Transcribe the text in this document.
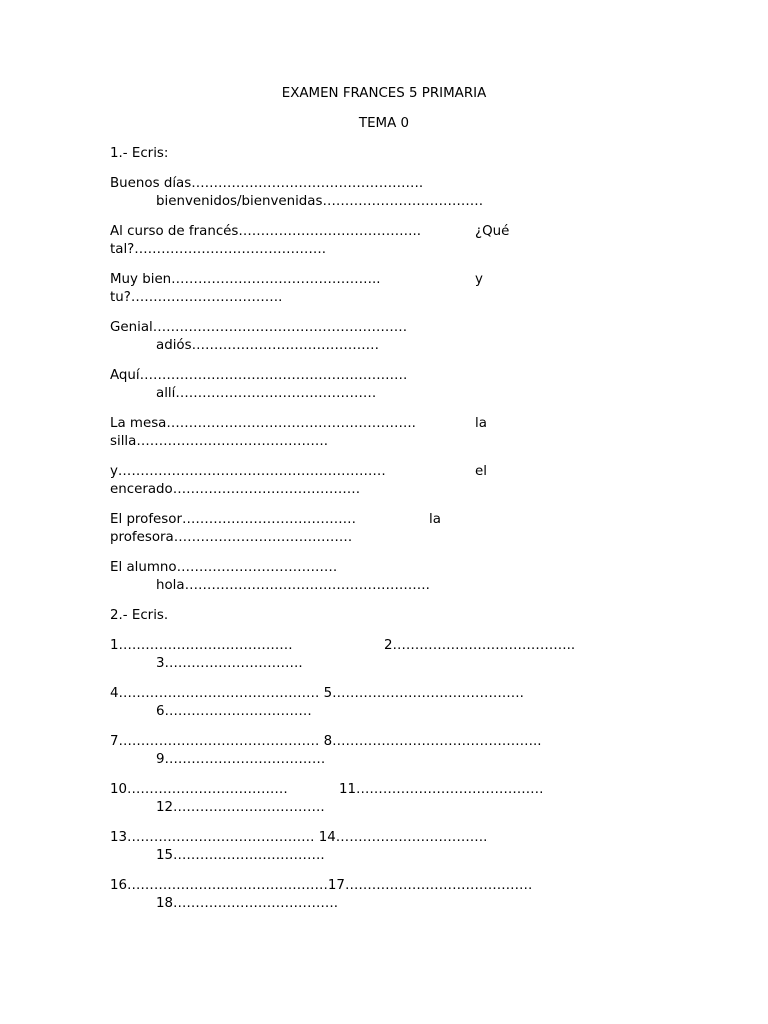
EXAMEN FRANCES 5 PRIMARIA
TEMA 0
1.- Ecris:
Buenos días…………………………………………….
bienvenidos/bienvenidas………………………………
Al curso de francés…………………………………..	¿Qué
tal?…………………………………….
Muy bien………………………………………..	y
tu?…………………………….
Genial…………………………………………………
adiós……………………………………
Aquí……………………………………………………
allí………………………………………
La mesa………………………………………………..	la
silla…………………………………….
y……………………………………………………	el
encerado……………………………………
El profesor…………………………………	la
profesora………………………………….
El alumno………………………………
hola……………………………………………….
2.- Ecris.
1…………………………………	2…………………………………..
3………………………….
4……………………………………… 5…………………………………….
6……………………………
7……………………………………… 8………………………………………..
9………………………………
10………………………………	11……………………………………
12…………………………….
13…………………………………… 14…………………………….
15…………………………….
16………………………………………17……………………………………
18……………………………….
